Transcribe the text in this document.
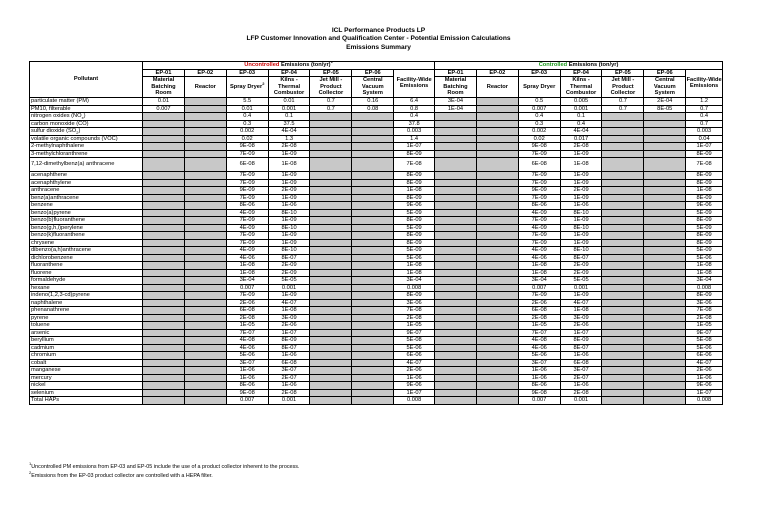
ICL Performance Products LP
LFP Customer Innovation and Qualification Center - Potential Emission Calculations
Emissions Summary
Pollutant	Uncontrolled Emissions $(ton/yr)^1$							Controlled Emissions (ton/yr)						
	EP-01	EP-02	EP-03	EP-04	EP-05	EP-06	Facility-Wide Emissions	EP-01	EP-02	EP-03	EP-04	EP-05	EP-06	Facility-Wide Emissions
	Material Batching Room	Reactor	Spray Dryer$^2$	Kilns - Thermal Combustor	Jet Mill - Product Collector	Central Vacuum System		Material Batching Room	Reactor	Spray Dryer	Kilns - Thermal Combustor	Jet Mill - Product Collector	Central Vacuum System	
particulate matter (PM)	0.01		5.5	0.01	0.7	0.16	6.4	3E-04		0.5	0.005	0.7	2E-04	1.2
PM10, filterable	0.007		0.01	0.001	0.7	0.08	0.8	1E-04		0.007	0.001	0.7	8E-05	0.7
nitrogen oxides $(NO_x)$			0.4	0.1			0.4			0.4	0.1			0.4
carbon monoxide (CO)			0.3	37.5			37.8			0.3	0.4			0.7
sulfur dioxide $(SO_2)$			0.002	4E-04			0.003			0.002	4E-04			0.003
volatile organic compounds (VOC)			0.02	1.3			1.4			0.02	0.017			0.04
2-methylnaphthalene			9E-08	2E-08			1E-07			9E-08	2E-08			1E-07
3-methylchloranthrene			7E-09	1E-09			8E-09			7E-09	1E-09			8E-09
7,12-dimethylbenz(a) anthracene			6E-08	1E-08			7E-08			6E-08	1E-08			7E-08
acenaphthene			7E-09	1E-09			8E-09			7E-09	1E-09			8E-09
acenaphthylene			7E-09	1E-09			8E-09			7E-09	1E-09			8E-09
anthracene			9E-09	2E-09			1E-08			9E-09	2E-09			1E-08
benz(a)anthracene			7E-09	1E-09			8E-09			7E-09	1E-09			8E-09
benzene			8E-06	1E-06			9E-06			8E-06	1E-06			9E-06
benzo(a)pyrene			4E-09	8E-10			5E-09			4E-09	8E-10			5E-09
benzo(b)fluoranthene			7E-09	1E-09			8E-09			7E-09	1E-09			8E-09
benzo(g,h,i)perylene			4E-09	8E-10			5E-09			4E-09	8E-10			5E-09
benzo(k)fluoranthene			7E-09	1E-09			8E-09			7E-09	1E-09			8E-09
chrysene			7E-09	1E-09			8E-09			7E-09	1E-09			8E-09
dibenzo(a,h)anthracene			4E-09	8E-10			5E-09			4E-09	8E-10			5E-09
dichlorobenzene			4E-06	8E-07			5E-06			4E-06	8E-07			5E-06
fluoranthene			1E-08	2E-09			1E-08			1E-08	2E-09			1E-08
fluorene			1E-08	2E-09			1E-08			1E-08	2E-09			1E-08
formaldehyde			3E-04	5E-05			3E-04			3E-04	5E-05			3E-04
hexane			0.007	0.001			0.008			0.007	0.001			0.008
indeno(1,2,3-cd)pyrene			7E-09	1E-09			8E-09			7E-09	1E-09			8E-09
naphthalene			2E-06	4E-07			3E-06			2E-06	4E-07			3E-06
phenanathrene			6E-08	1E-08			7E-08			6E-08	1E-08			7E-08
pyrene			2E-08	3E-09			2E-08			2E-08	3E-09			2E-08
toluene			1E-05	2E-06			1E-05			1E-05	2E-06			1E-05
arsenic			7E-07	1E-07			9E-07			7E-07	1E-07			9E-07
beryllium			4E-08	8E-09			5E-08			4E-08	8E-09			5E-08
cadmium			4E-06	8E-07			5E-06			4E-06	8E-07			5E-06
chromium			5E-06	1E-06			6E-06			5E-06	1E-06			6E-06
cobalt			3E-07	6E-08			4E-07			3E-07	6E-08			4E-07
manganese			1E-06	3E-07			2E-06			1E-06	3E-07			2E-06
mercury			1E-06	2E-07			1E-06			1E-06	2E-07			1E-06
nickel			8E-06	1E-06			9E-06			8E-06	1E-06			9E-06
selenium			9E-08	2E-08			1E-07			9E-08	2E-08			1E-07
Total HAPs			0.007	0.001			0.008			0.007	0.001			0.008
$^1$Uncontrolled PM emissions from EP-03 and EP-05 include the use of a product collector inherent to the process.
$^2$Emissions from the EP-03 product collector are controlled with a HEPA filter.
